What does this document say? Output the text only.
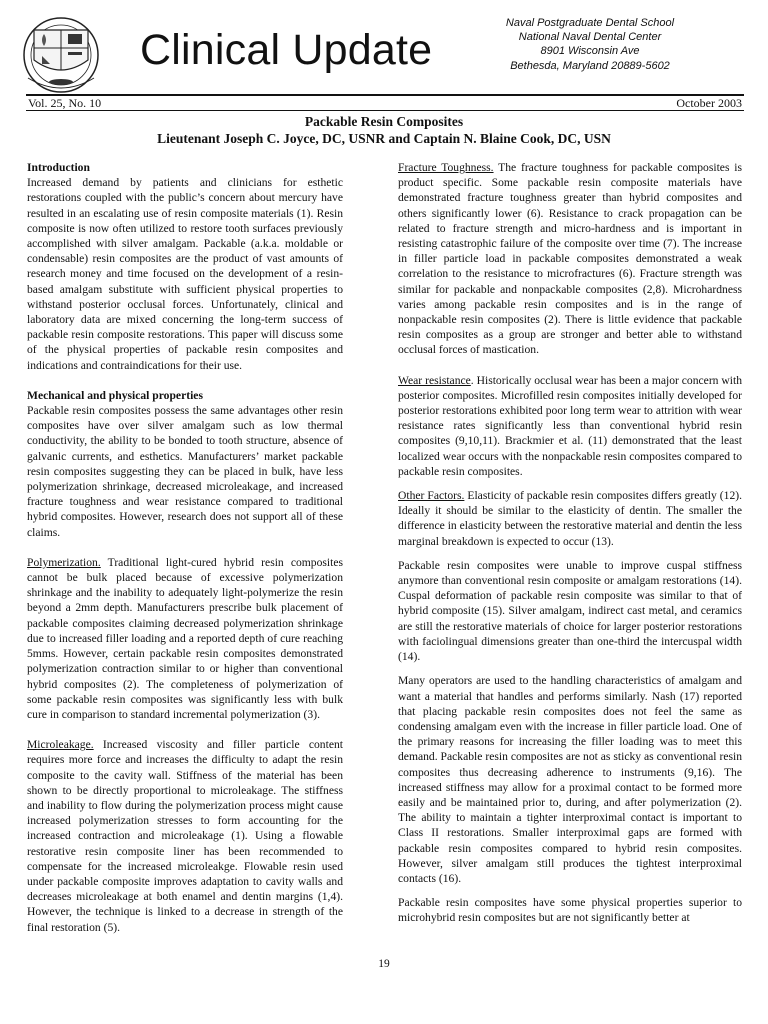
Clinical Update
Naval Postgraduate Dental School
National Naval Dental Center
8901 Wisconsin Ave
Bethesda, Maryland 20889-5602
Vol. 25, No. 10	October 2003
Packable Resin Composites
Lieutenant Joseph C. Joyce, DC, USNR and Captain N. Blaine Cook, DC, USN
Introduction

Increased demand by patients and clinicians for esthetic restorations coupled with the public’s concern about mercury have resulted in an escalating use of resin composite materials (1). Resin composite is now often utilized to restore tooth surfaces previously accomplished with silver amalgam. Packable (a.k.a. moldable or condensable) resin composites are the product of vast amounts of research money and time focused on the development of a resin-based amalgam substitute with sufficient physical properties to withstand posterior occlusal forces. Unfortunately, clinical and laboratory data are mixed concerning the long-term success of packable resin composite restorations. This paper will discuss some of the physical properties of packable resin composites and indications and contraindications for their use.

Mechanical and physical properties

Packable resin composites possess the same advantages other resin composites have over silver amalgam such as low thermal conductivity, the ability to be bonded to tooth structure, absence of galvanic currents, and esthetics. Manufacturers’ market packable resin composites suggesting they can be placed in bulk, have less polymerization shrinkage, decreased microleakage, and increased fracture toughness and wear resistance compared to traditional hybrid composites. However, research does not support all of these claims.

Polymerization. Traditional light-cured hybrid resin composites cannot be bulk placed because of excessive polymerization shrinkage and the inability to adequately light-polymerize the resin beyond a 2mm depth. Manufacturers prescribe bulk placement of packable composites claiming decreased polymerization shrinkage due to increased filler loading and a reported depth of cure reaching 5mms. However, certain packable resin composites demonstrated polymerization contraction similar to or higher than conventional hybrid composites (2). The completeness of polymerization of some packable resin composites was significantly less with bulk cure in comparison to standard incremental polymerization (3).

Microleakage. Increased viscosity and filler particle content requires more force and increases the difficulty to adapt the resin composite to the cavity wall. Stiffness of the material has been shown to be directly proportional to microleakage. The stiffness and inability to flow during the polymerization process might cause increased polymerization stresses to form accounting for the increased contraction and microleakage (1). Using a flowable restorative resin composite liner has been recommended to compensate for the increased microleakge. Flowable resin used under packable composite improves adaptation to cavity walls and decreases microleakage at both enamel and dentin margins (1,4). However, the technique is linked to a decrease in strength of the final restoration (5).

Fracture Toughness. The fracture toughness for packable composites is product specific. Some packable resin composite materials have demonstrated fracture toughness greater than hybrid composites and others significantly lower (6). Resistance to crack propagation can be related to fracture strength and micro-hardness and is important in resisting catastrophic failure of the composite over time (7). The increase in filler particle load in packable composites demonstrated a weak correlation to the resistance to microfractures (6). Fracture strength was similar for packable and nonpackable composites (2,8). Microhardness varies among packable resin composites and is in the range of nonpackable resin composites (2). There is little evidence that packable resin composites as a group are stronger and better able to withstand occlusal forces of mastication.

Wear resistance. Historically occlusal wear has been a major concern with posterior composites. Microfilled resin composites initially developed for posterior restorations exhibited poor long term wear to attrition with wear resistance rates significantly less than conventional hybrid resin composites (9,10,11). Brackmier et al. (11) demonstrated that the least localized wear occurs with the nonpackable resin composites compared to packable resin composites.

Other Factors. Elasticity of packable resin composites differs greatly (12). Ideally it should be similar to the elasticity of dentin. The smaller the difference in elasticity between the restorative material and dentin the less marginal breakdown is expected to occur (13).

Packable resin composites were unable to improve cuspal stiffness anymore than conventional resin composite or amalgam restorations (14). Cuspal deformation of packable resin composite was similar to that of hybrid composite (15). Silver amalgam, indirect cast metal, and ceramics are still the restorative materials of choice for larger posterior restorations with faciolingual dimensions greater than one-third the intercuspal width (14).

Many operators are used to the handling characteristics of amalgam and want a material that handles and performs similarly. Nash (17) reported that placing packable resin composites does not feel the same as condensing amalgam even with the increase in filler particle load. One of the primary reasons for increasing the filler loading was to meet this demand. Packable resin composites are not as sticky as conventional resin composites thus decreasing adherence to instruments (9,16). The increased stiffness may allow for a proximal contact to be formed more easily and be maintained prior to, during, and after polymerization (2). The ability to maintain a tighter interproximal contact is important to Class II restorations. Smaller interproximal gaps are formed with packable resin composites compared to hybrid resin composites. However, silver amalgam still produces the tightest interproximal contacts (16).

Packable resin composites have some physical properties superior to microhybrid resin composites but are not significantly better at

19
